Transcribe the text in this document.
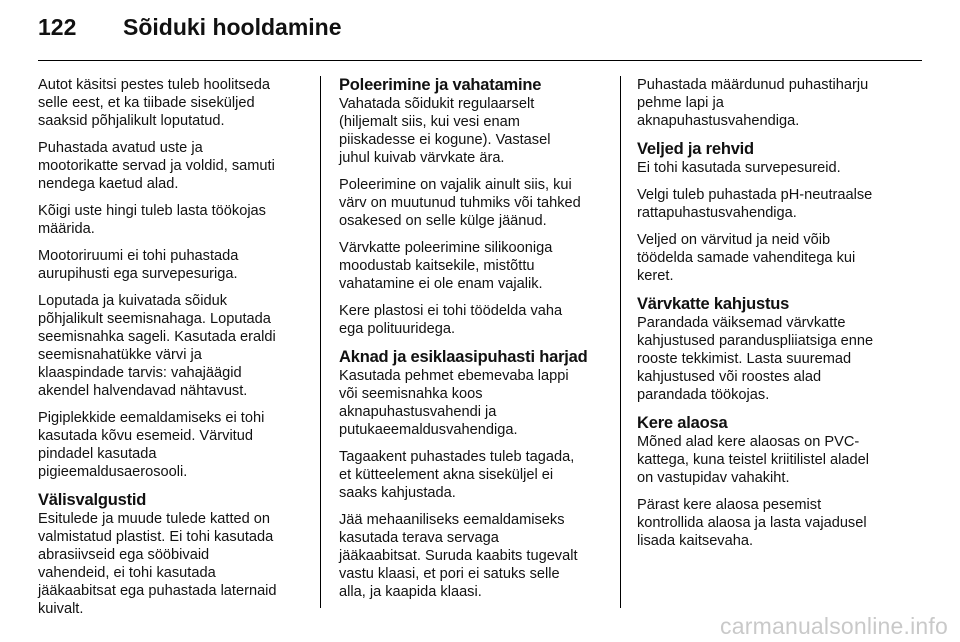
122	Sõiduki hooldamine

Autot käsitsi pestes tuleb hoolitseda
selle eest, et ka tiibade siseküljed
saaksid põhjalikult loputatud.

Puhastada avatud uste ja
mootorikatte servad ja voldid, samuti
nendega kaetud alad.

Kõigi uste hingi tuleb lasta töökojas
määrida.

Mootoriruumi ei tohi puhastada
aurupihusti ega survepesuriga.

Loputada ja kuivatada sõiduk
põhjalikult seemisnahaga. Loputada
seemisnahka sageli. Kasutada eraldi
seemisnahatükke värvi ja
klaaspindade tarvis: vahajäägid
akendel halvendavad nähtavust.

Pigiplekkide eemaldamiseks ei tohi
kasutada kõvu esemeid. Värvitud
pindadel kasutada
pigieemaldusaerosooli.

Välisvalgustid

Esitulede ja muude tulede katted on
valmistatud plastist. Ei tohi kasutada
abrasiivseid ega sööbivaid
vahendeid, ei tohi kasutada
jääkaabitsat ega puhastada laternaid
kuivalt.

Poleerimine ja vahatamine

Vahatada sõidukit regulaarselt
(hiljemalt siis, kui vesi enam
piiskadesse ei kogune). Vastasel
juhul kuivab värvkate ära.

Poleerimine on vajalik ainult siis, kui
värv on muutunud tuhmiks või tahked
osakesed on selle külge jäänud.

Värvkatte poleerimine silikooniga
moodustab kaitsekile, mistõttu
vahatamine ei ole enam vajalik.

Kere plastosi ei tohi töödelda vaha
ega polituuridega.

Aknad ja esiklaasipuhasti harjad

Kasutada pehmet ebemevaba lappi
või seemisnahka koos
aknapuhastusvahendi ja
putukaeemaldusvahendiga.

Tagaakent puhastades tuleb tagada,
et kütteelement akna siseküljel ei
saaks kahjustada.

Jää mehaaniliseks eemaldamiseks
kasutada terava servaga
jääkaabitsat. Suruda kaabits tugevalt
vastu klaasi, et pori ei satuks selle
alla, ja kaapida klaasi.

Puhastada määrdunud puhastiharju
pehme lapi ja
aknapuhastusvahendiga.

Veljed ja rehvid

Ei tohi kasutada survepesureid.

Velgi tuleb puhastada pH-neutraalse
rattapuhastusvahendiga.

Veljed on värvitud ja neid võib
töödelda samade vahenditega kui
keret.

Värvkatte kahjustus

Parandada väiksemad värvkatte
kahjustused paranduspliiatsiga enne
rooste tekkimist. Lasta suuremad
kahjustused või roostes alad
parandada töökojas.

Kere alaosa

Mõned alad kere alaosas on PVC-
kattega, kuna teistel kriitilistel aladel
on vastupidav vahakiht.

Pärast kere alaosa pesemist
kontrollida alaosa ja lasta vajadusel
lisada kaitsevaha.

carmanualsonline.info
